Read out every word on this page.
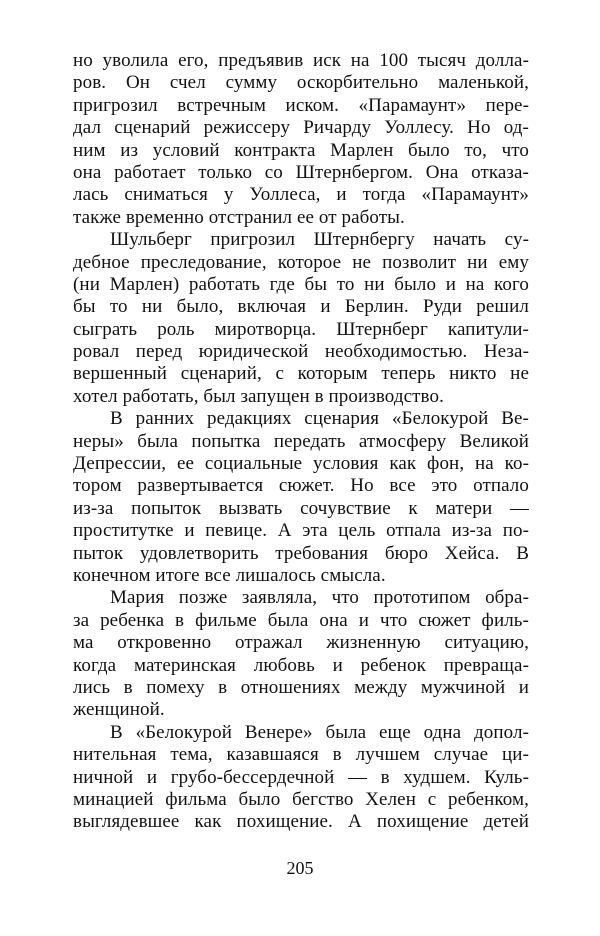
но уволила его, предъявив иск на 100 тысяч долла-
ров. Он счел сумму оскорбительно маленькой,
пригрозил встречным иском. «Парамаунт» пере-
дал сценарий режиссеру Ричарду Уоллесу. Но од-
ним из условий контракта Марлен было то, что
она работает только со Штернбергом. Она отказа-
лась сниматься у Уоллеса, и тогда «Парамаунт»
также временно отстранил ее от работы.
Шульберг пригрозил Штернбергу начать су-
дебное преследование, которое не позволит ни ему
(ни Марлен) работать где бы то ни было и на кого
бы то ни было, включая и Берлин. Руди решил
сыграть роль миротворца. Штернберг капитули-
ровал перед юридической необходимостью. Неза-
вершенный сценарий, с которым теперь никто не
хотел работать, был запущен в производство.
В ранних редакциях сценария «Белокурой Ве-
неры» была попытка передать атмосферу Великой
Депрессии, ее социальные условия как фон, на ко-
тором развертывается сюжет. Но все это отпало
из-за попыток вызвать сочувствие к матери —
проститутке и певице. А эта цель отпала из-за по-
пыток удовлетворить требования бюро Хейса. В
конечном итоге все лишалось смысла.
Мария позже заявляла, что прототипом обра-
за ребенка в фильме была она и что сюжет филь-
ма откровенно отражал жизненную ситуацию,
когда материнская любовь и ребенок превраща-
лись в помеху в отношениях между мужчиной и
женщиной.
В «Белокурой Венере» была еще одна допол-
нительная тема, казавшаяся в лучшем случае ци-
ничной и грубо-бессердечной — в худшем. Куль-
минацией фильма было бегство Хелен с ребенком,
выглядевшее как похищение. А похищение детей
205
